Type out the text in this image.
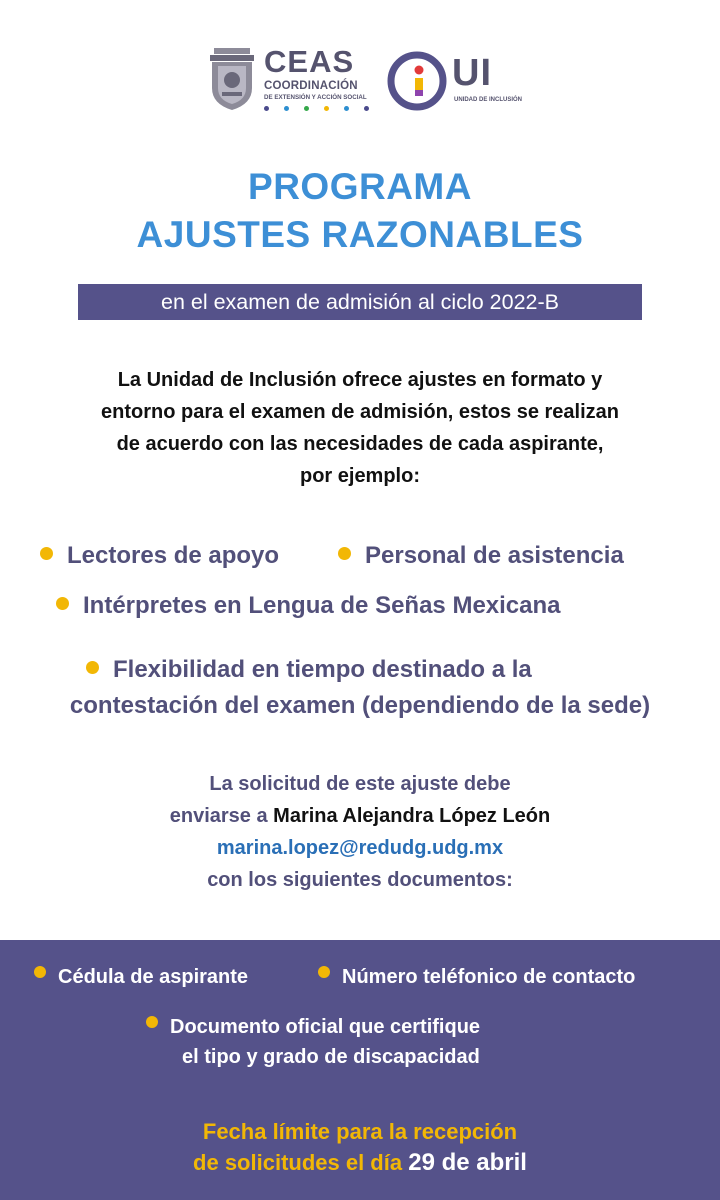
CEAS
COORDINACIÓN
DE EXTENSIÓN Y ACCIÓN SOCIAL
UI
UNIDAD DE INCLUSIÓN
PROGRAMA
AJUSTES RAZONABLES
en el examen de admisión al ciclo 2022-B
La Unidad de Inclusión ofrece ajustes en formato y
entorno para el examen de admisión, estos se realizan
de acuerdo con las necesidades de cada aspirante,
por ejemplo:
Lectores de apoyo	Personal de asistencia
Intérpretes en Lengua de Señas Mexicana
Flexibilidad en tiempo destinado a la
contestación del examen (dependiendo de la sede)
La solicitud de este ajuste debe
enviarse a Marina Alejandra López León
marina.lopez@redudg.udg.mx
con los siguientes documentos:
Cédula de aspirante	Número teléfonico de contacto
Documento oficial que certifique
el tipo y grado de discapacidad
Fecha límite para la recepción
de solicitudes el día 29 de abril
